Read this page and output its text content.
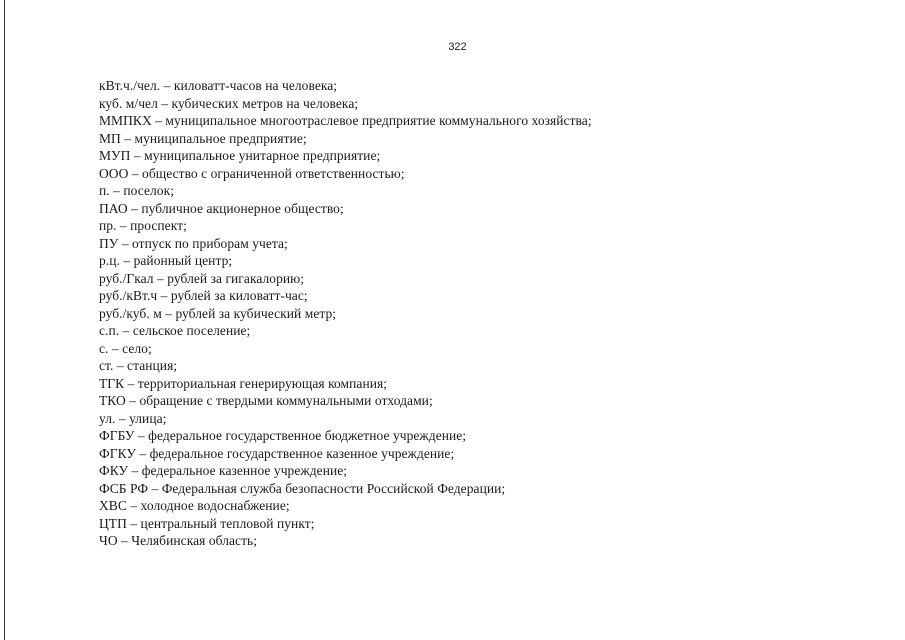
322
кВт.ч./чел. – киловатт-часов на человека;
куб. м/чел – кубических метров на человека;
ММПКХ – муниципальное многоотраслевое предприятие коммунального хозяйства;
МП – муниципальное предприятие;
МУП – муниципальное унитарное предприятие;
ООО – общество с ограниченной ответственностью;
п. – поселок;
ПАО – публичное акционерное общество;
пр. – проспект;
ПУ – отпуск по приборам учета;
р.ц. – районный центр;
руб./Гкал – рублей за гигакалорию;
руб./кВт.ч – рублей за киловатт-час;
руб./куб. м – рублей за кубический метр;
с.п. – сельское поселение;
с. – село;
ст. – станция;
ТГК – территориальная генерирующая компания;
ТКО – обращение с твердыми коммунальными отходами;
ул. – улица;
ФГБУ – федеральное государственное бюджетное учреждение;
ФГКУ – федеральное государственное казенное учреждение;
ФКУ – федеральное казенное учреждение;
ФСБ РФ – Федеральная служба безопасности Российской Федерации;
ХВС – холодное водоснабжение;
ЦТП – центральный тепловой пункт;
ЧО – Челябинская область;
